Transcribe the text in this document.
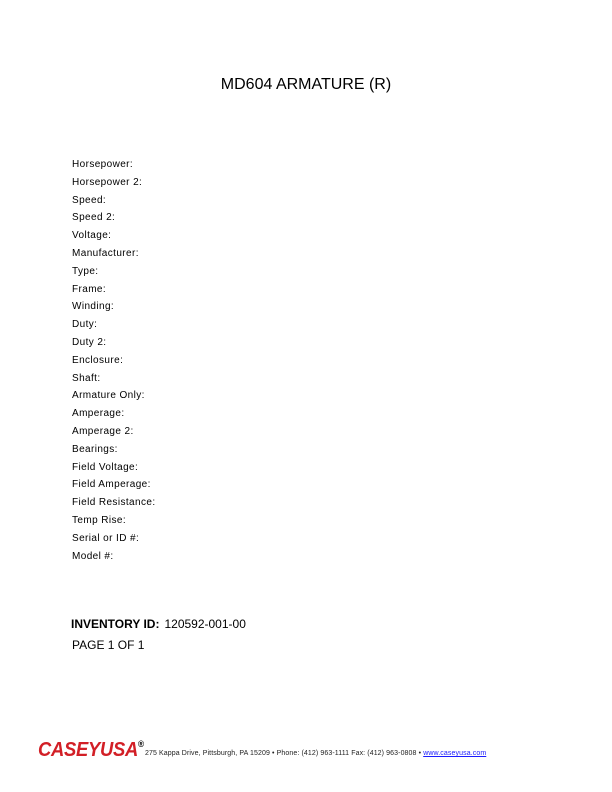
MD604 ARMATURE (R)
Horsepower:
Horsepower 2:
Speed:
Speed 2:
Voltage:
Manufacturer:
Type:
Frame:
Winding:
Duty:
Duty 2:
Enclosure:
Shaft:
Armature Only:
Amperage:
Amperage 2:
Bearings:
Field Voltage:
Field Amperage:
Field Resistance:
Temp Rise:
Serial or ID #:
Model #:
INVENTORY ID: 120592-001-00
PAGE 1 OF 1
CASEYUSA®
275 Kappa Drive, Pittsburgh, PA 15209 • Phone: (412) 963-1111 Fax: (412) 963-0808 • www.caseyusa.com
